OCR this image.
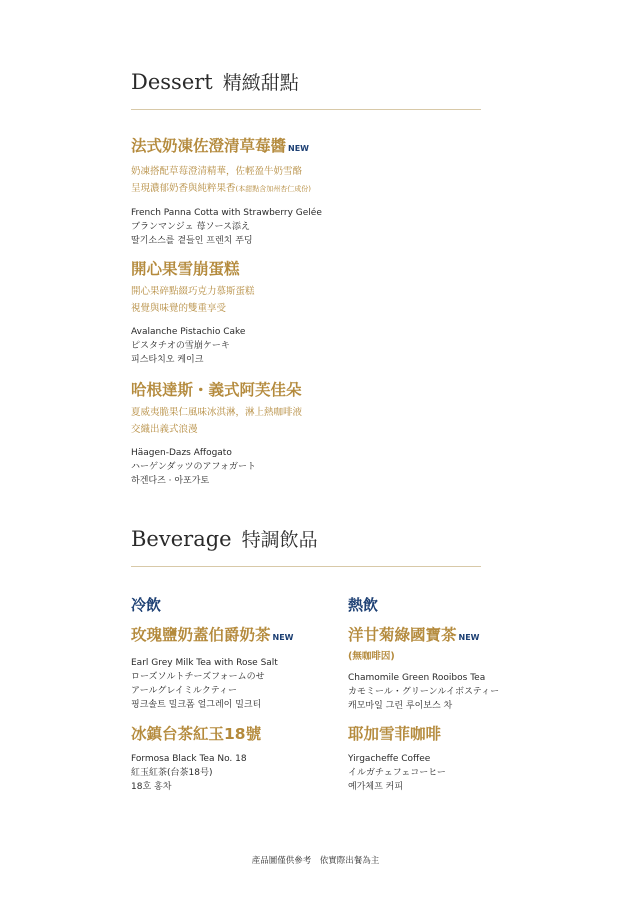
Dessert 精緻甜點
法式奶凍佐澄清草莓醬 NEW
奶凍搭配草莓澄清精華，佐輕盈牛奶雪酪
呈現濃郁奶香與純粹果香(本甜點含加州杏仁成份)
French Panna Cotta with Strawberry Gelée
ブランマンジェ 苺ソース添え
딸기소스를 곁들인 프렌치 푸딩
開心果雪崩蛋糕
開心果碎點綴巧克力慕斯蛋糕
視覺與味覺的雙重享受
Avalanche Pistachio Cake
ピスタチオの雪崩ケーキ
피스타치오 케이크
哈根達斯・義式阿芙佳朵
夏威夷脆果仁風味冰淇淋，淋上熱咖啡液
交織出義式浪漫
Häagen-Dazs Affogato
ハーゲンダッツのアフォガート
하겐다즈 · 아포가토
Beverage 特調飲品
冷飲
玫瑰鹽奶蓋伯爵奶茶 NEW
Earl Grey Milk Tea with Rose Salt
ローズソルトチーズフォームのせ
アールグレイミルクティー
핑크솔트 밀크폼 얼그레이 밀크티
冰鎮台茶紅玉18號
Formosa Black Tea No. 18
紅玉紅茶(台茶18号)
18호 홍차
熱飲
洋甘菊綠國寶茶 NEW
(無咖啡因)
Chamomile Green Rooibos Tea
カモミール・グリーンルイボスティー
캐모마일 그린 루이보스 차
耶加雪菲咖啡
Yirgacheffe Coffee
イルガチェフェコーヒー
예가체프 커피
產品圖僅供參考　依實際出餐為主
